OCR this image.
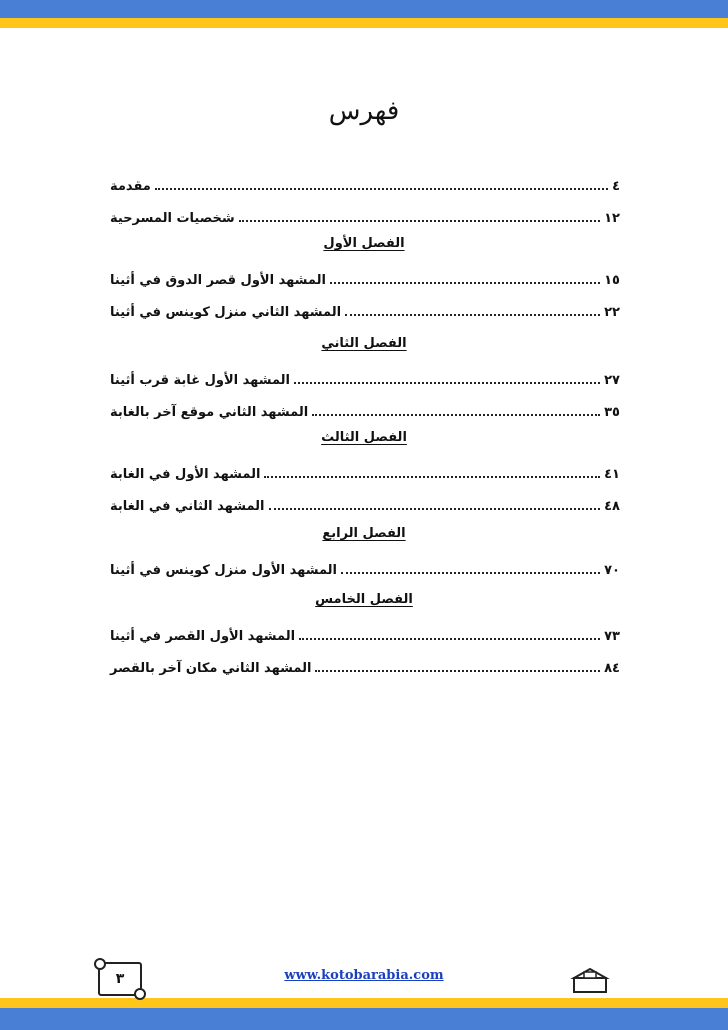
فهرس
مقدمة	٤
شخصيات المسرحية	١٢
الفصل الأول
المشهد الأول قصر الدوق في أثينا	١٥
المشهد الثاني منزل كوينس في أثينا	٢٢
الفصل الثاني
المشهد الأول غابة قرب أثينا	٢٧
المشهد الثاني موقع آخر بالغابة	٣٥
الفصل الثالث
المشهد الأول في الغابة	٤١
المشهد الثاني في الغابة	٤٨
الفصل الرابع
المشهد الأول منزل كوينس في أثينا	٧٠
الفصل الخامس
المشهد الأول القصر في أثينا	٧٣
المشهد الثاني مكان آخر بالقصر	٨٤
٣	www.kotobarabia.com
